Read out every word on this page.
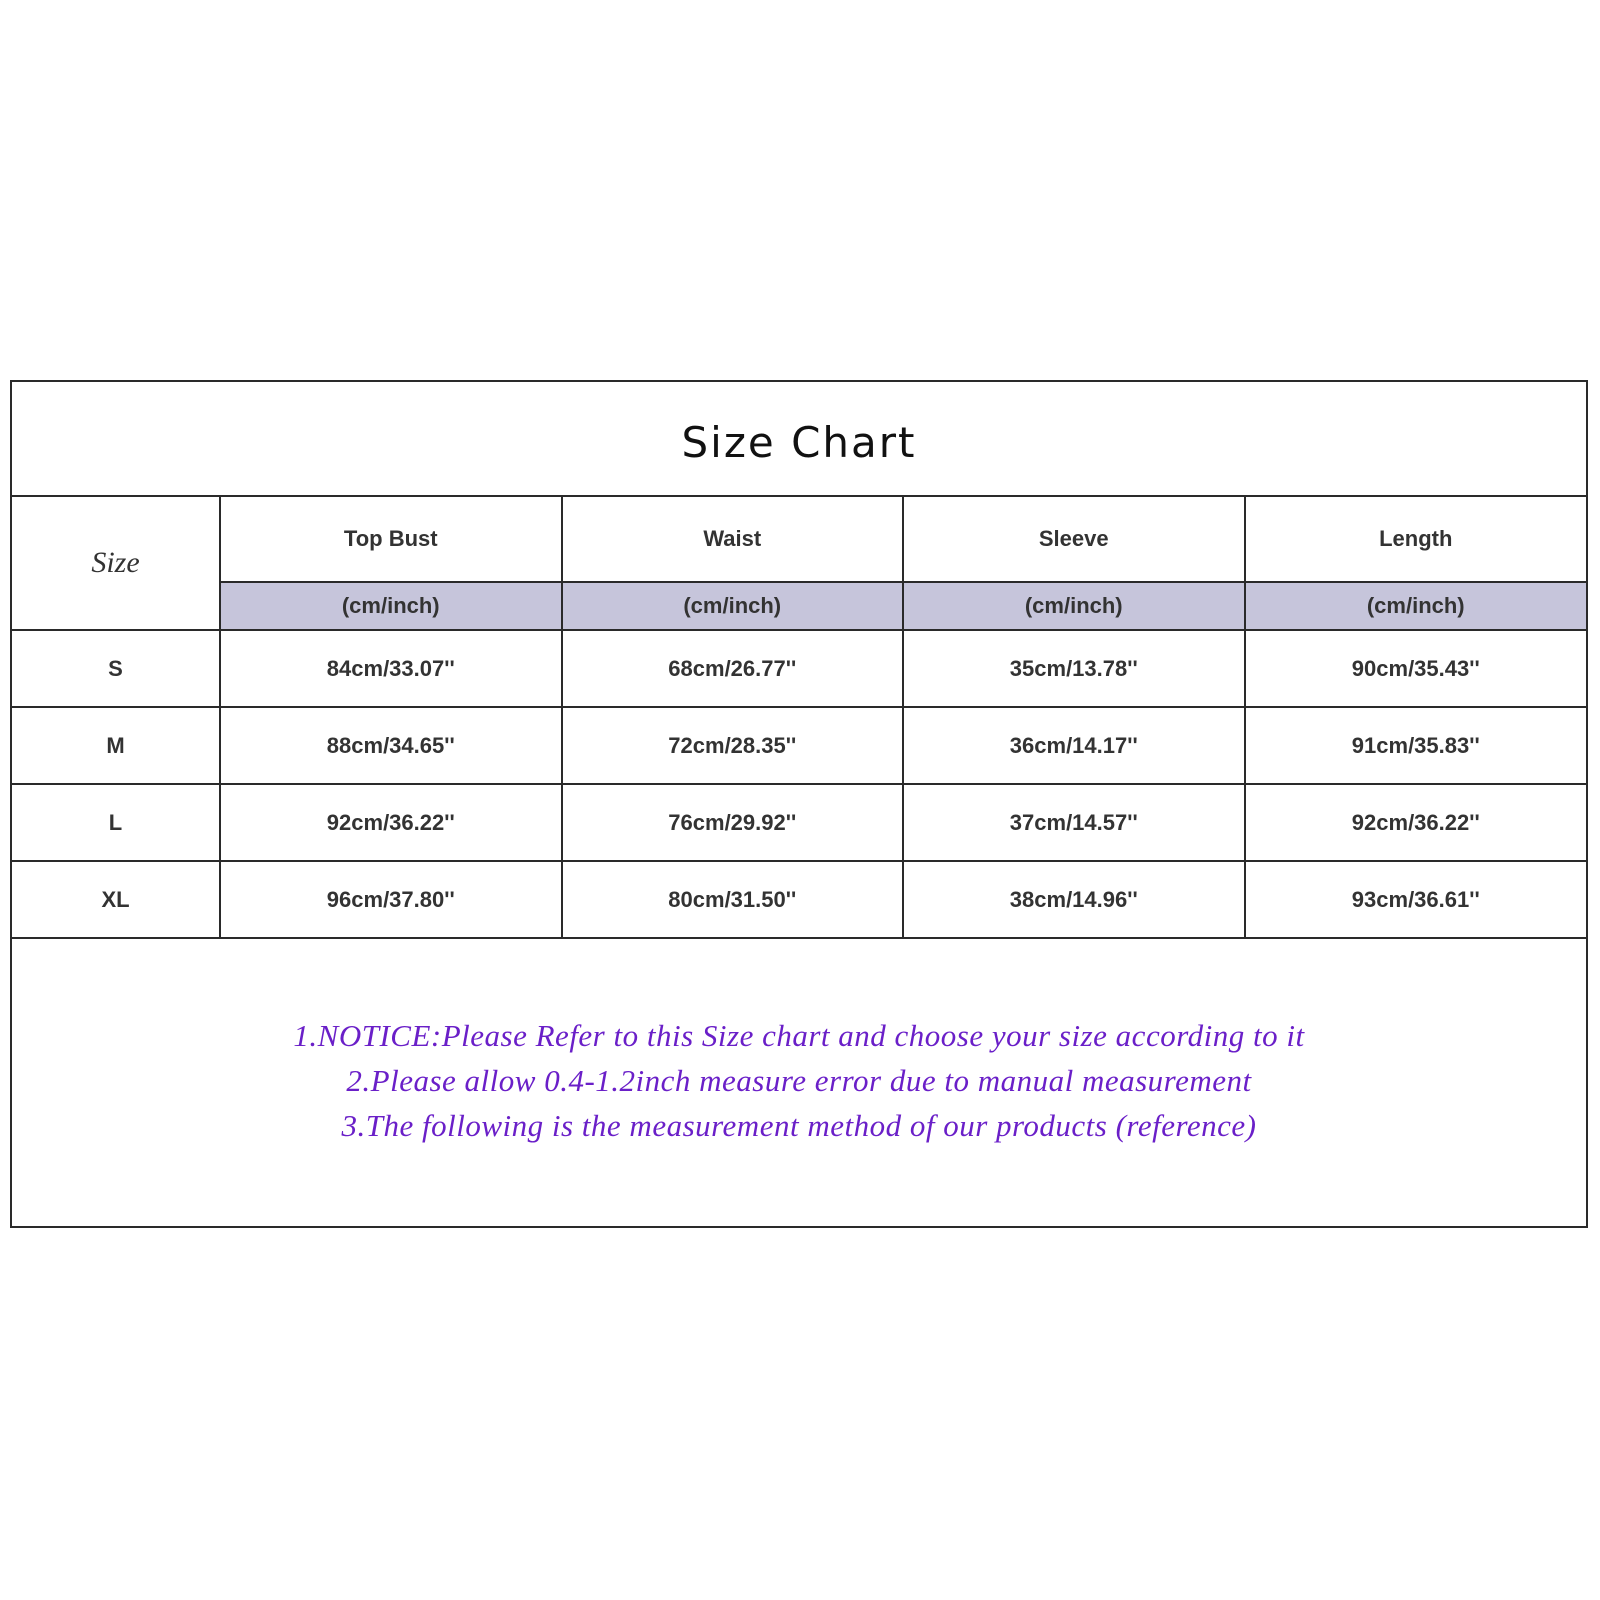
Size Chart
Size	Top Bust	Waist	Sleeve	Length
	(cm/inch)	(cm/inch)	(cm/inch)	(cm/inch)
S	84cm/33.07''	68cm/26.77''	35cm/13.78''	90cm/35.43''
M	88cm/34.65''	72cm/28.35''	36cm/14.17''	91cm/35.83''
L	92cm/36.22''	76cm/29.92''	37cm/14.57''	92cm/36.22''
XL	96cm/37.80''	80cm/31.50''	38cm/14.96''	93cm/36.61''
1.NOTICE:Please Refer to this Size chart and choose your size according to it
2.Please allow 0.4-1.2inch measure error due to manual measurement
3.The following is the measurement method of our products (reference)
